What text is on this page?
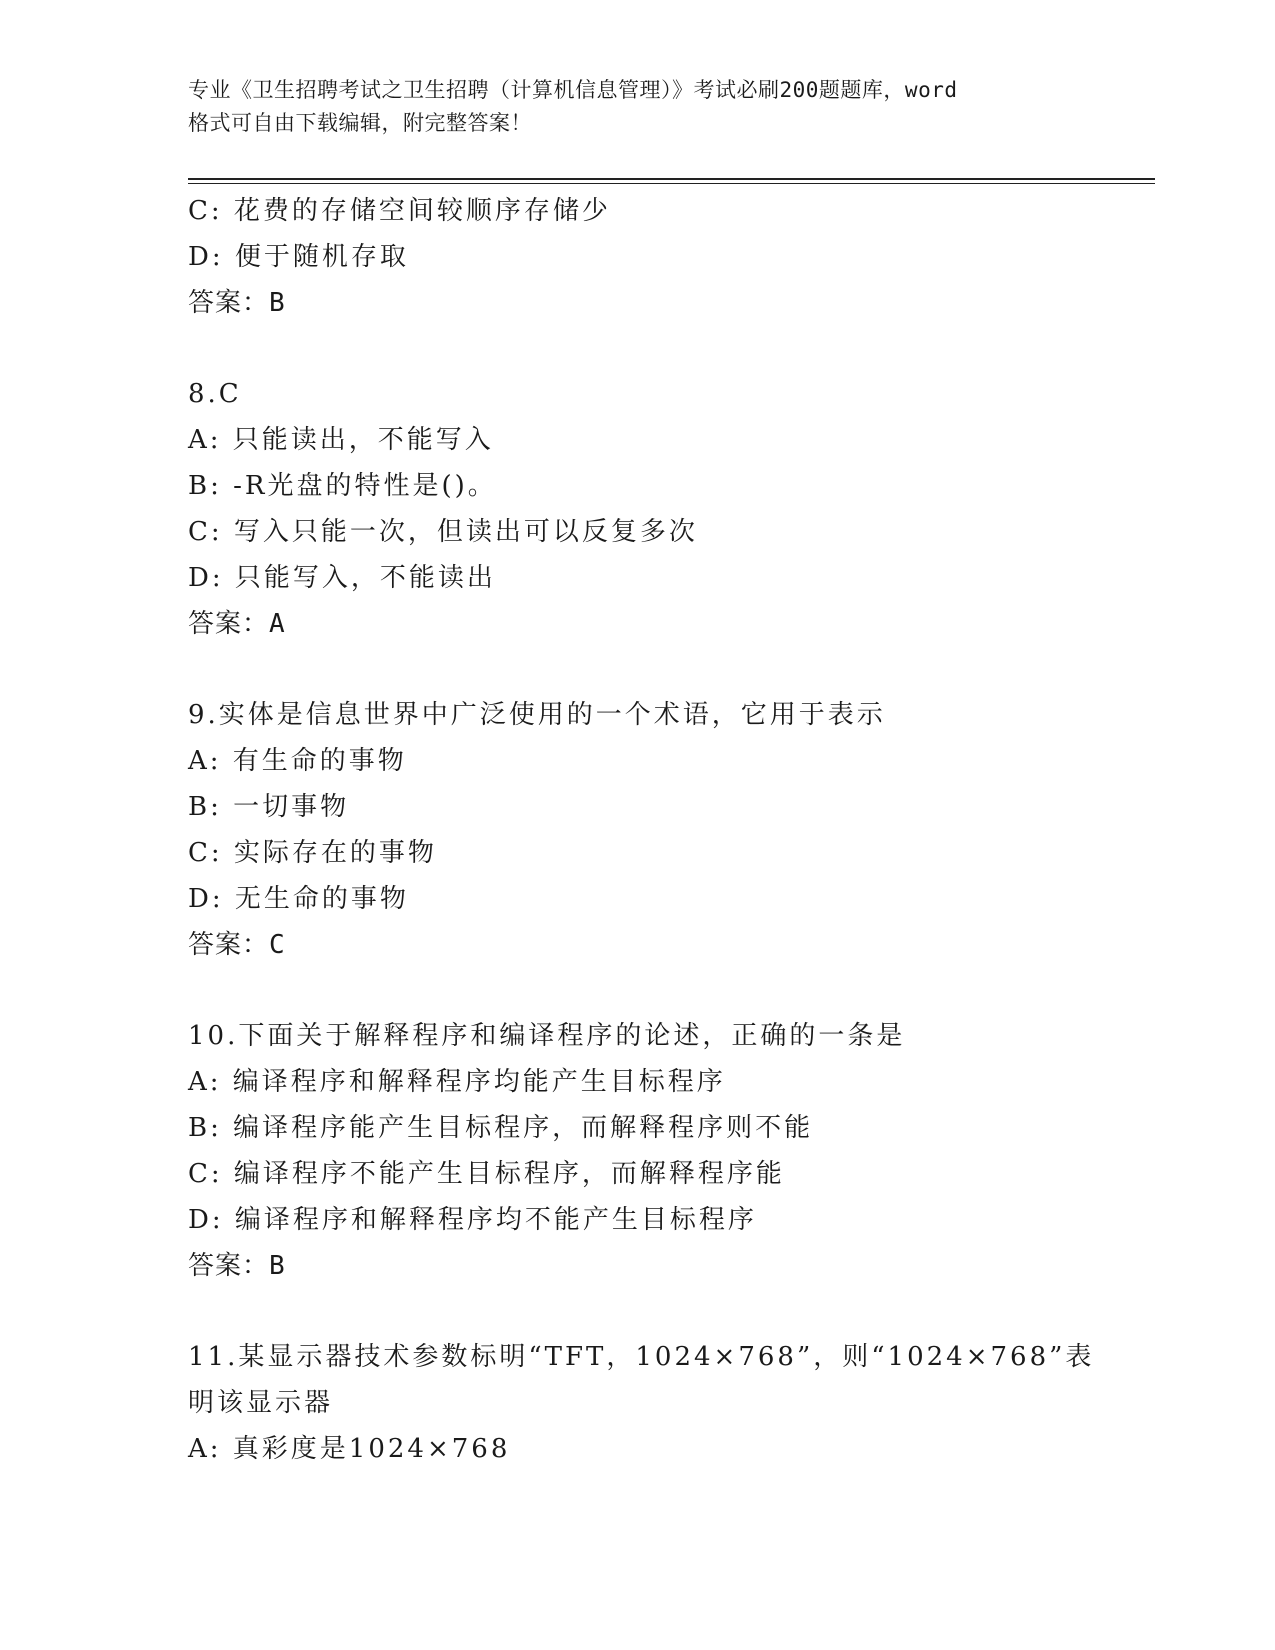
专业《卫生招聘考试之卫生招聘（计算机信息管理）》考试必刷200题题库，word
格式可自由下载编辑，附完整答案！
C: 花费的存储空间较顺序存储少
D: 便于随机存取
答案：B
8.C
A: 只能读出，不能写入
B: -R光盘的特性是()。
C: 写入只能一次，但读出可以反复多次
D: 只能写入，不能读出
答案：A
9.实体是信息世界中广泛使用的一个术语，它用于表示
A: 有生命的事物
B: 一切事物
C: 实际存在的事物
D: 无生命的事物
答案：C
10.下面关于解释程序和编译程序的论述，正确的一条是
A: 编译程序和解释程序均能产生目标程序
B: 编译程序能产生目标程序，而解释程序则不能
C: 编译程序不能产生目标程序，而解释程序能
D: 编译程序和解释程序均不能产生目标程序
答案：B
11.某显示器技术参数标明“TFT，1024×768”，则“1024×768”表
明该显示器
A: 真彩度是1024×768
